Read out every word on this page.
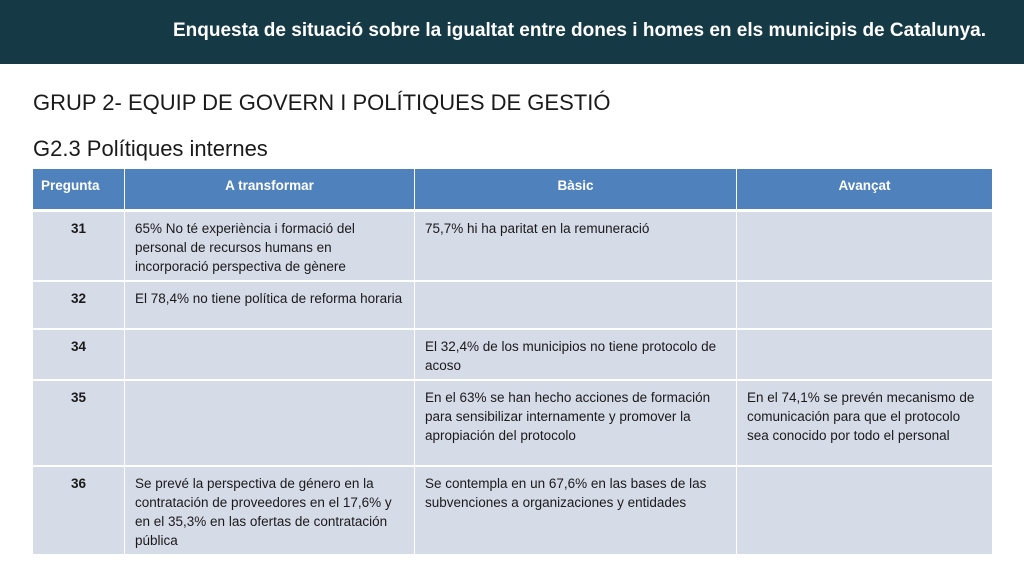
Enquesta de situació sobre la igualtat entre dones i homes en els municipis de Catalunya.
GRUP 2- EQUIP DE GOVERN I POLÍTIQUES DE GESTIÓ
G2.3 Polítiques internes
Pregunta	A transformar	Bàsic	Avançat
31	65% No té experiència i formació del personal de recursos humans en incorporació perspectiva de gènere	75,7% hi ha paritat en la remuneració	
32	El 78,4% no tiene política de reforma horaria		
34		El 32,4% de los municipios no tiene protocolo de acoso	
35		En el 63% se han hecho acciones de formación para sensibilizar internamente y promover la apropiación del protocolo	En el 74,1% se prevén mecanismo de comunicación para que el protocolo sea conocido por todo el personal
36	Se prevé la perspectiva de género en la contratación de proveedores en el 17,6% y en el 35,3% en las ofertas de contratación pública	Se contempla en un 67,6% en las bases de las subvenciones a organizaciones y entidades	
